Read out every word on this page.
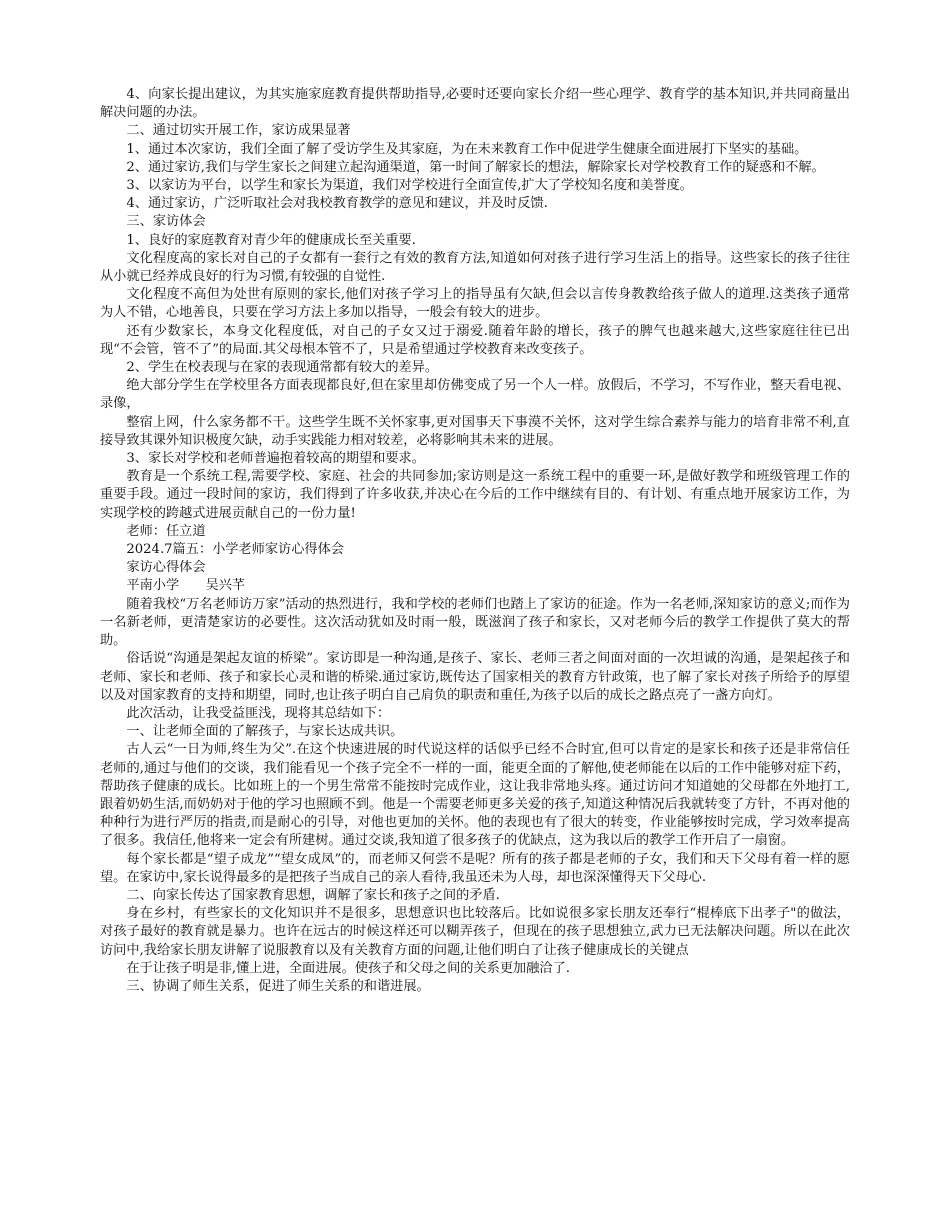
4、向家长提出建议，为其实施家庭教育提供帮助指导,必要时还要向家长介绍一些心理学、教育学的基本知识,并共同商量出解决问题的办法。

二、通过切实开展工作，家访成果显著

1、通过本次家访，我们全面了解了受访学生及其家庭，为在未来教育工作中促进学生健康全面进展打下坚实的基础。

2、通过家访,我们与学生家长之间建立起沟通渠道，第一时间了解家长的想法，解除家长对学校教育工作的疑惑和不解。

3、以家访为平台，以学生和家长为渠道，我们对学校进行全面宣传,扩大了学校知名度和美誉度。

4、通过家访，广泛听取社会对我校教育教学的意见和建议，并及时反馈.

三、家访体会

1、良好的家庭教育对青少年的健康成长至关重要.

文化程度高的家长对自己的子女都有一套行之有效的教育方法,知道如何对孩子进行学习生活上的指导。这些家长的孩子往往从小就已经养成良好的行为习惯,有较强的自觉性.

文化程度不高但为处世有原则的家长,他们对孩子学习上的指导虽有欠缺,但会以言传身教教给孩子做人的道理.这类孩子通常为人不错，心地善良，只要在学习方法上多加以指导，一般会有较大的进步。

还有少数家长，本身文化程度低，对自己的子女又过于溺爱.随着年龄的增长，孩子的脾气也越来越大,这些家庭往往已出现“不会管，管不了”的局面.其父母根本管不了，只是希望通过学校教育来改变孩子。

2、学生在校表现与在家的表现通常都有较大的差异。

绝大部分学生在学校里各方面表现都良好,但在家里却仿佛变成了另一个人一样。放假后，不学习，不写作业，整天看电视、录像，

整宿上网，什么家务都不干。这些学生既不关怀家事,更对国事天下事漠不关怀，这对学生综合素养与能力的培育非常不利,直接导致其课外知识极度欠缺，动手实践能力相对较差，必将影响其未来的进展。

3、家长对学校和老师普遍抱着较高的期望和要求。

教育是一个系统工程,需要学校、家庭、社会的共同参加;家访则是这一系统工程中的重要一环,是做好教学和班级管理工作的重要手段。通过一段时间的家访，我们得到了许多收获,并决心在今后的工作中继续有目的、有计划、有重点地开展家访工作，为实现学校的跨越式进展贡献自己的一份力量!

老师：任立道

2024.7篇五：小学老师家访心得体会

家访心得体会

平南小学　　吴兴芊

随着我校“万名老师访万家”活动的热烈进行，我和学校的老师们也踏上了家访的征途。作为一名老师,深知家访的意义;而作为一名新老师，更清楚家访的必要性。这次活动犹如及时雨一般，既滋润了孩子和家长，又对老师今后的教学工作提供了莫大的帮助。

俗话说“沟通是架起友谊的桥梁”。家访即是一种沟通,是孩子、家长、老师三者之间面对面的一次坦诚的沟通，是架起孩子和老师、家长和老师、孩子和家长心灵和谐的桥梁.通过家访,既传达了国家相关的教育方针政策，也了解了家长对孩子所给予的厚望以及对国家教育的支持和期望，同时,也让孩子明白自己肩负的职责和重任,为孩子以后的成长之路点亮了一盏方向灯。

此次活动，让我受益匪浅，现将其总结如下：

一、让老师全面的了解孩子，与家长达成共识。

古人云“一日为师,终生为父”.在这个快速进展的时代说这样的话似乎已经不合时宜,但可以肯定的是家长和孩子还是非常信任老师的,通过与他们的交谈，我们能看见一个孩子完全不一样的一面，能更全面的了解他,使老师能在以后的工作中能够对症下药，帮助孩子健康的成长。比如班上的一个男生常常不能按时完成作业，这让我非常地头疼。通过访问才知道她的父母都在外地打工,跟着奶奶生活,而奶奶对于他的学习也照顾不到。他是一个需要老师更多关爱的孩子,知道这种情况后我就转变了方针，不再对他的种种行为进行严厉的指责,而是耐心的引导，对他也更加的关怀。他的表现也有了很大的转变，作业能够按时完成，学习效率提高了很多。我信任,他将来一定会有所建树。通过交谈,我知道了很多孩子的优缺点，这为我以后的教学工作开启了一扇窗。

每个家长都是“望子成龙”“望女成凤”的，而老师又何尝不是呢？所有的孩子都是老师的子女，我们和天下父母有着一样的愿望。在家访中,家长说得最多的是把孩子当成自己的亲人看待,我虽还未为人母，却也深深懂得天下父母心.

二、向家长传达了国家教育思想，调解了家长和孩子之间的矛盾.

身在乡村，有些家长的文化知识并不是很多，思想意识也比较落后。比如说很多家长朋友还奉行“棍棒底下出孝子"的做法，对孩子最好的教育就是暴力。也许在远古的时候这样还可以糊弄孩子，但现在的孩子思想独立,武力已无法解决问题。所以在此次访问中,我给家长朋友讲解了说服教育以及有关教育方面的问题,让他们明白了让孩子健康成长的关键点

在于让孩子明是非,懂上进，全面进展。使孩子和父母之间的关系更加融洽了.

三、协调了师生关系，促进了师生关系的和谐进展。
